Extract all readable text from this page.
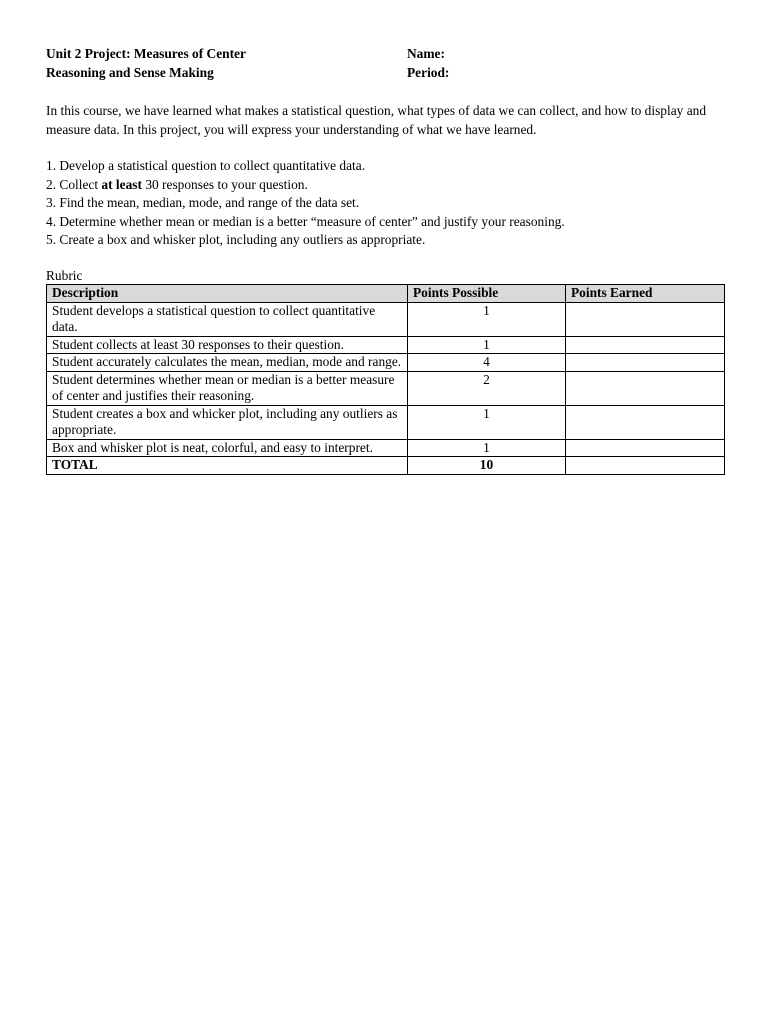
Unit 2 Project: Measures of Center
Reasoning and Sense Making
Name:
Period:
In this course, we have learned what makes a statistical question, what types of data we can collect, and how to display and measure data. In this project, you will express your understanding of what we have learned.
1. Develop a statistical question to collect quantitative data.
2. Collect at least 30 responses to your question.
3. Find the mean, median, mode, and range of the data set.
4. Determine whether mean or median is a better “measure of center” and justify your reasoning.
5. Create a box and whisker plot, including any outliers as appropriate.
Rubric
Description	Points Possible	Points Earned
Student develops a statistical question to collect quantitative data.	1	
Student collects at least 30 responses to their question.	1	
Student accurately calculates the mean, median, mode and range.	4	
Student determines whether mean or median is a better measure of center and justifies their reasoning.	2	
Student creates a box and whicker plot, including any outliers as appropriate.	1	
Box and whisker plot is neat, colorful, and easy to interpret.	1	
TOTAL	10	
